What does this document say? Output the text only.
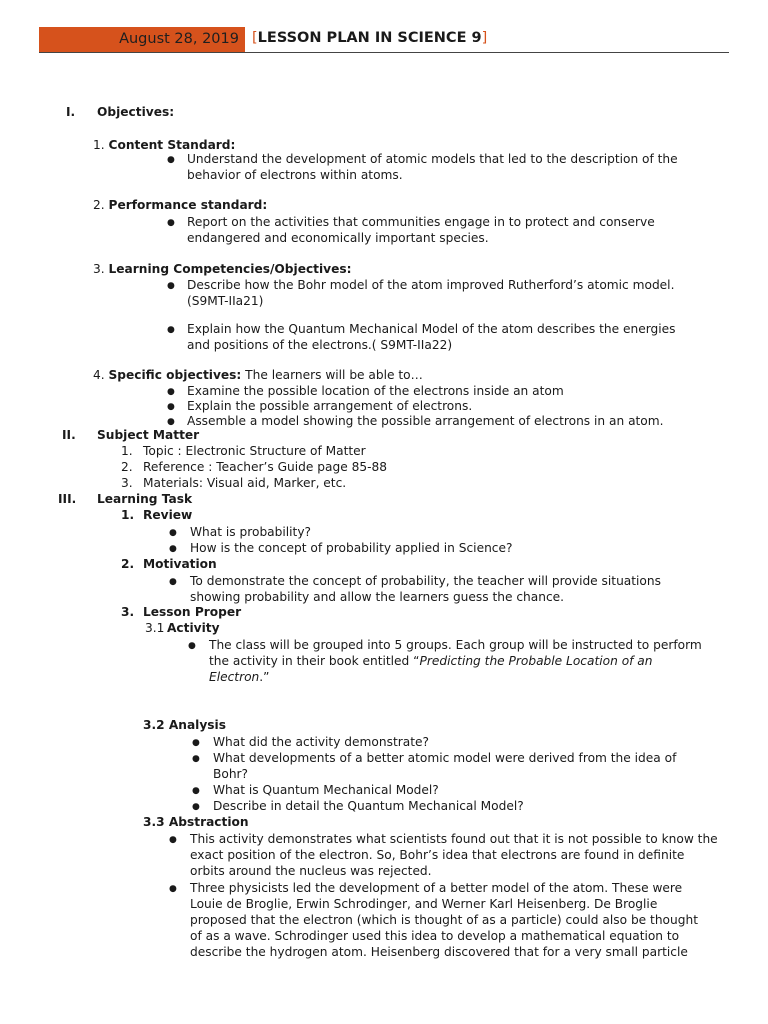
August 28, 2019 [LESSON PLAN IN SCIENCE 9]
I. Objectives:
1. Content Standard:
● Understand the development of atomic models that led to the description of the
behavior of electrons within atoms.
2. Performance standard:
● Report on the activities that communities engage in to protect and conserve
endangered and economically important species.
3. Learning Competencies/Objectives:
● Describe how the Bohr model of the atom improved Rutherford’s atomic model.
(S9MT-IIa21)
● Explain how the Quantum Mechanical Model of the atom describes the energies
and positions of the electrons.( S9MT-IIa22)
4. Specific objectives: The learners will be able to…
● Examine the possible location of the electrons inside an atom
● Explain the possible arrangement of electrons.
● Assemble a model showing the possible arrangement of electrons in an atom.
II. Subject Matter
1. Topic : Electronic Structure of Matter
2. Reference : Teacher’s Guide page 85-88
3. Materials: Visual aid, Marker, etc.
III. Learning Task
1. Review
● What is probability?
● How is the concept of probability applied in Science?
2. Motivation
● To demonstrate the concept of probability, the teacher will provide situations
showing probability and allow the learners guess the chance.
3. Lesson Proper
3.1 Activity
● The class will be grouped into 5 groups. Each group will be instructed to perform
the activity in their book entitled “Predicting the Probable Location of an
Electron.”
3.2 Analysis
● What did the activity demonstrate?
● What developments of a better atomic model were derived from the idea of
Bohr?
● What is Quantum Mechanical Model?
● Describe in detail the Quantum Mechanical Model?
3.3 Abstraction
● This activity demonstrates what scientists found out that it is not possible to know the
exact position of the electron. So, Bohr’s idea that electrons are found in definite
orbits around the nucleus was rejected.
● Three physicists led the development of a better model of the atom. These were
Louie de Broglie, Erwin Schrodinger, and Werner Karl Heisenberg. De Broglie
proposed that the electron (which is thought of as a particle) could also be thought
of as a wave. Schrodinger used this idea to develop a mathematical equation to
describe the hydrogen atom. Heisenberg discovered that for a very small particle
